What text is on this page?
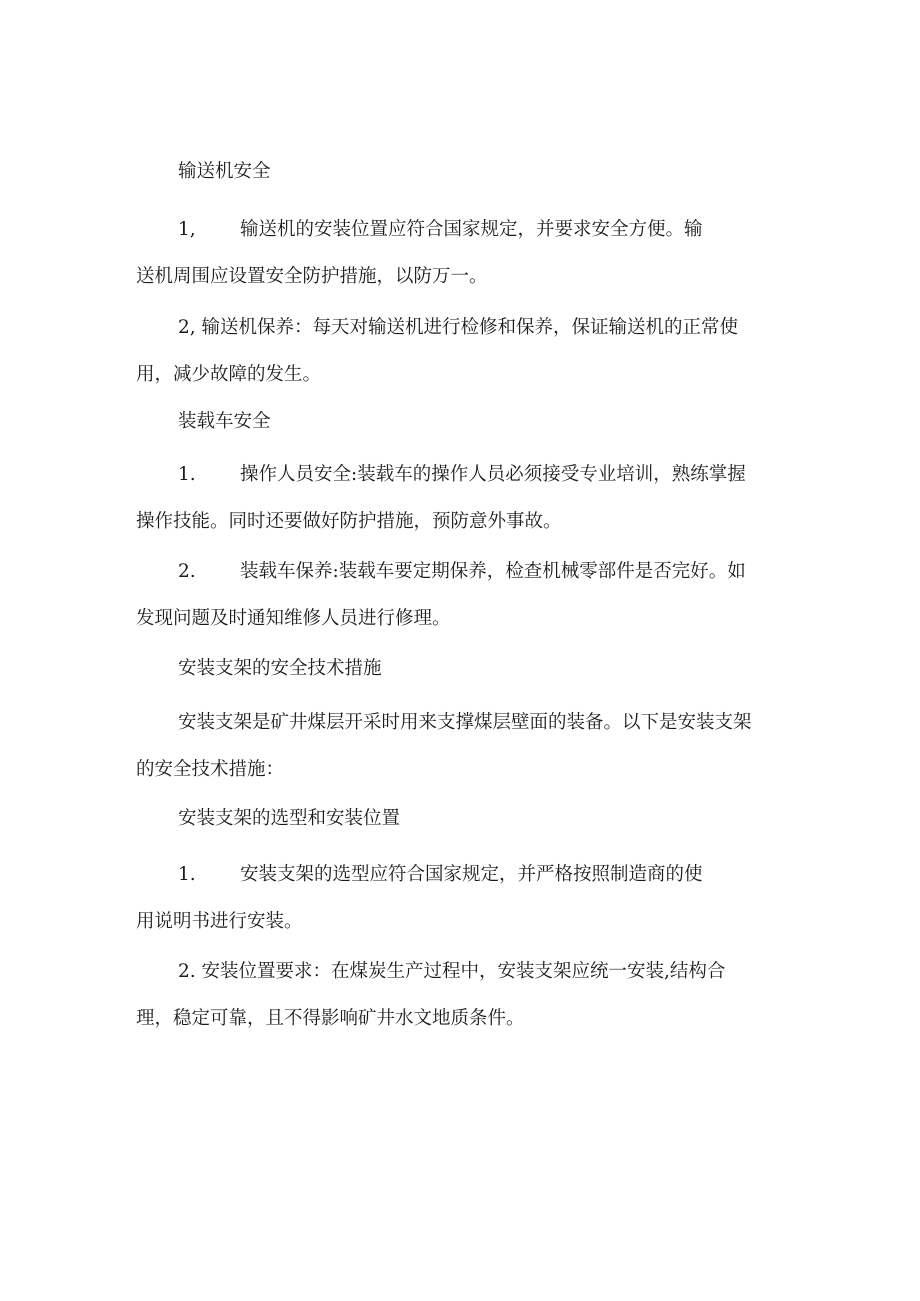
输送机安全
1, 输送机的安装位置应符合国家规定，并要求安全方便。输
送机周围应设置安全防护措施，以防万一。
2, 输送机保养：每天对输送机进行检修和保养，保证输送机的正常使
用，减少故障的发生。
装载车安全
1. 操作人员安全:装载车的操作人员必须接受专业培训，熟练掌握
操作技能。同时还要做好防护措施，预防意外事故。
2. 装载车保养:装载车要定期保养，检查机械零部件是否完好。如
发现问题及时通知维修人员进行修理。
安装支架的安全技术措施
安装支架是矿井煤层开采时用来支撑煤层壁面的装备。以下是安装支架
的安全技术措施：
安装支架的选型和安装位置
1. 安装支架的选型应符合国家规定，并严格按照制造商的使
用说明书进行安装。
2. 安装位置要求：在煤炭生产过程中，安装支架应统一安装,结构合
理，稳定可靠，且不得影响矿井水文地质条件。
